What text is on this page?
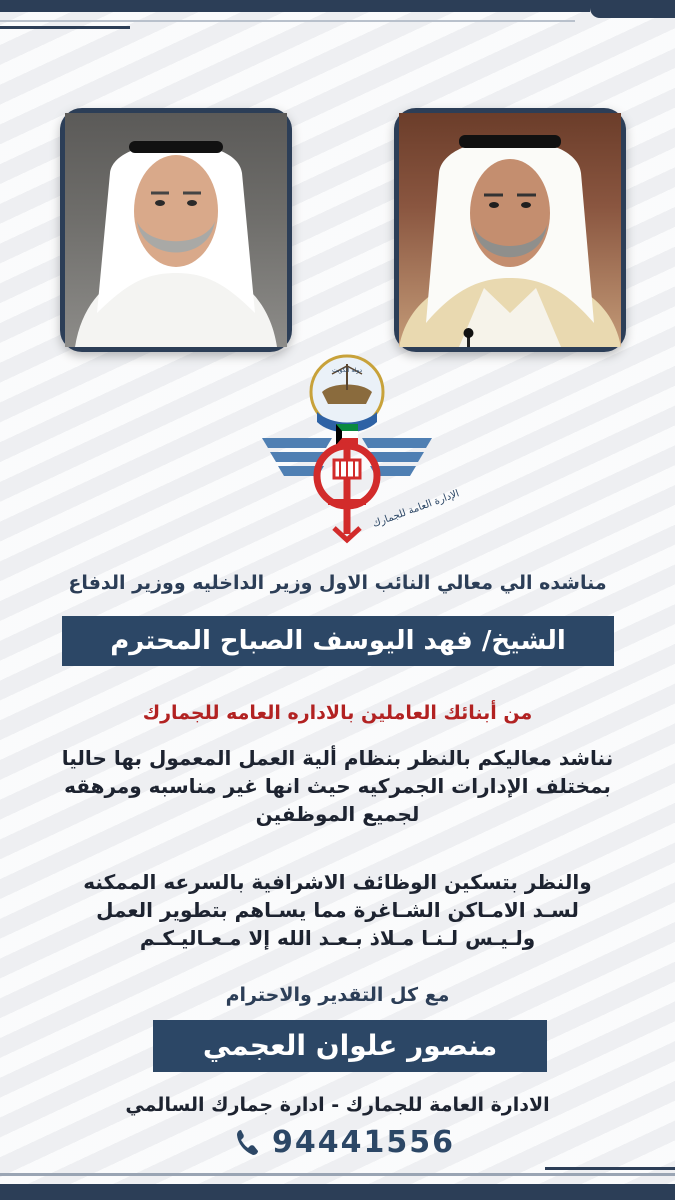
الإدارة العامة للجمارك
دولة الكويت
مناشده الي معالي النائب الاول وزير الداخليه ووزير الدفاع
الشيخ/ فهد اليوسف الصباح المحترم
من أبنائك العاملين بالاداره العامه للجمارك
نناشد معاليكم بالنظر بنظام ألية العمل المعمول بها حاليا
بمختلف الإدارات الجمركيه حيث انها غير مناسبه ومرهقه
لجميع الموظفين
والنظر بتسكين الوظائف الاشرافية بالسرعه الممكنه
لسـد الامـاكن الشـاغرة مما يسـاهم بتطوير العمل
ولـيـس لـنـا مـلاذ بـعـد الله إلا مـعـاليـكـم
مع كل التقدير والاحترام
منصور علوان العجمي
الادارة العامة للجمارك - ادارة جمارك السالمي
94441556
